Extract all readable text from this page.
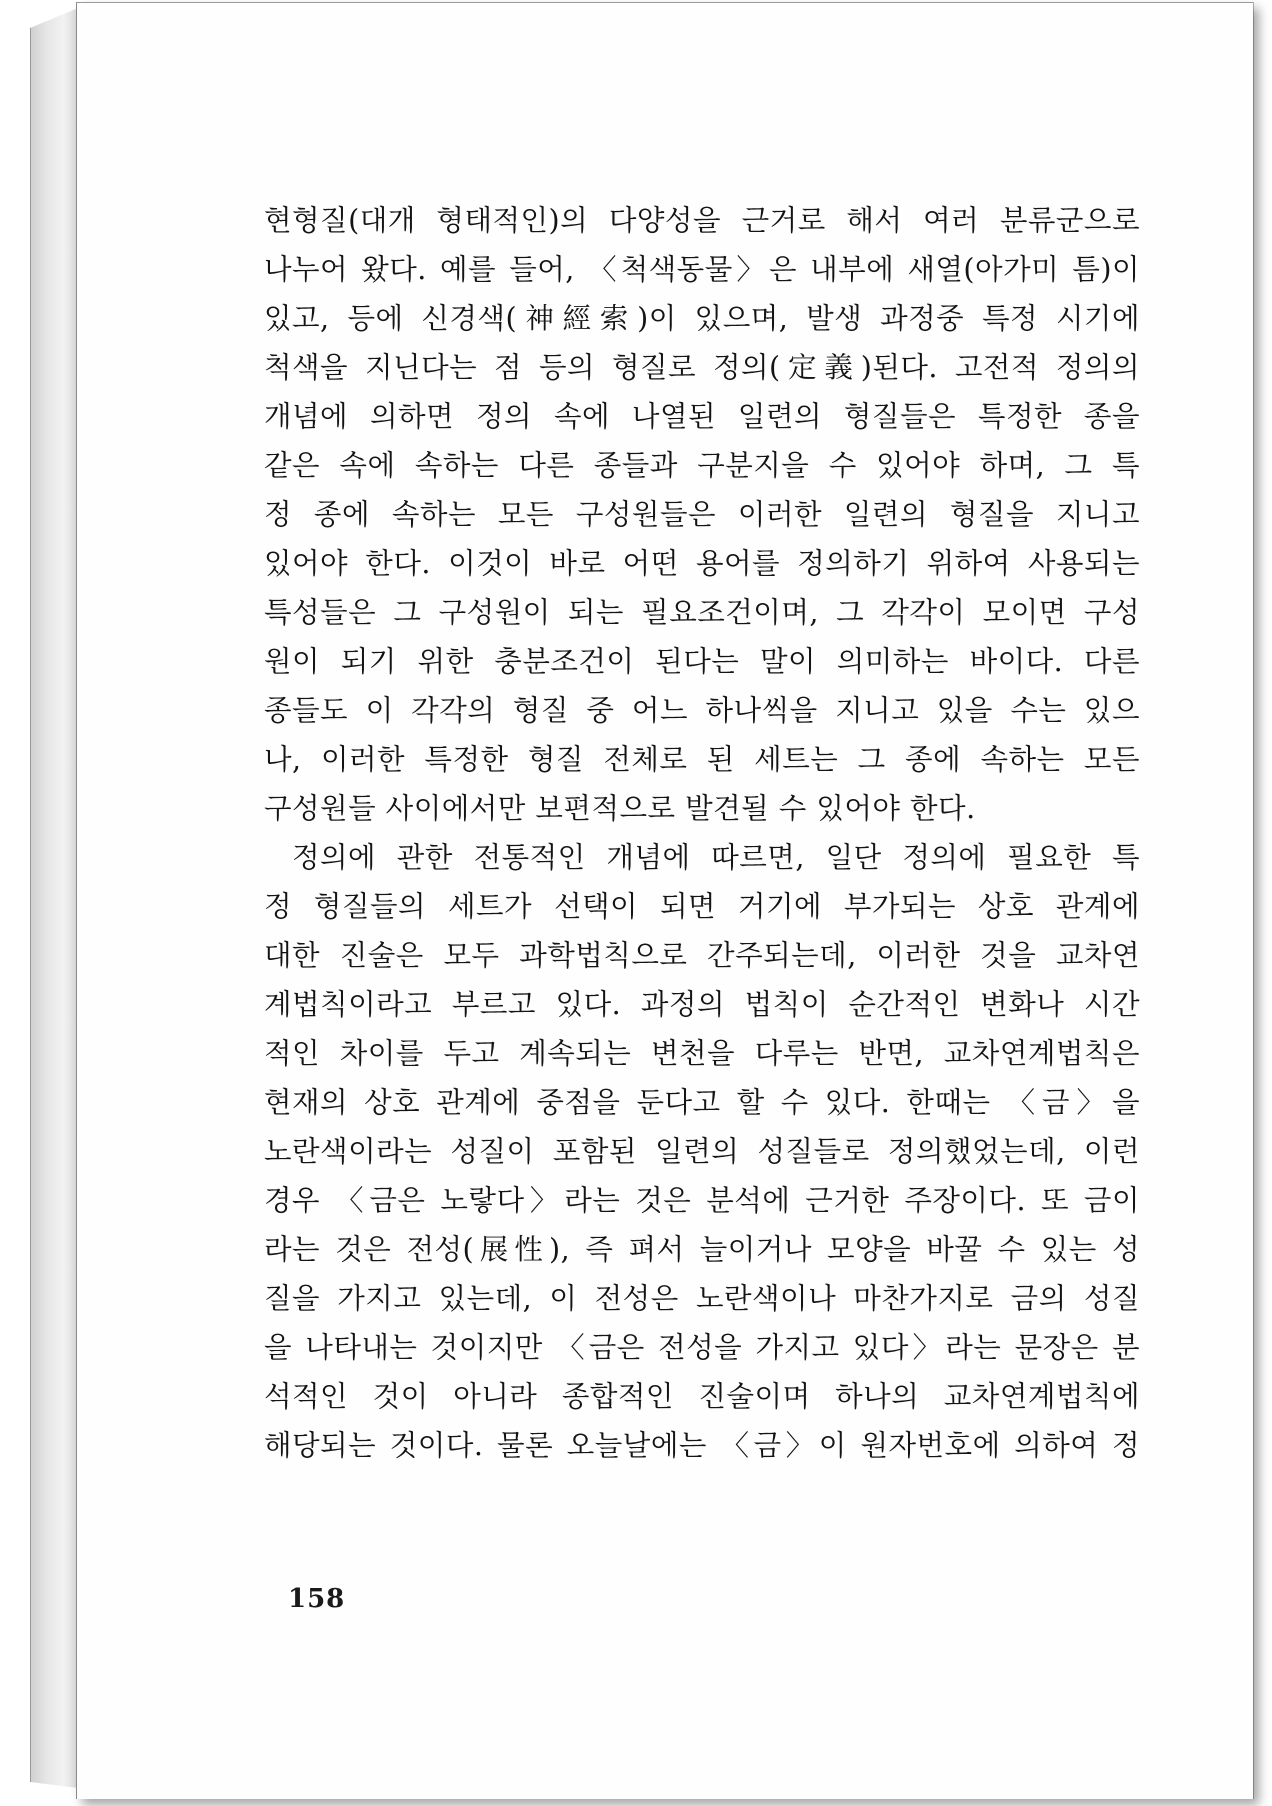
현형질(대개 형태적인)의 다양성을 근거로 해서 여러 분류군으로
나누어 왔다. 예를 들어, 〈척색동물〉은 내부에 새열(아가미 틈)이
있고, 등에 신경색(神經索)이 있으며, 발생 과정중 특정 시기에
척색을 지닌다는 점 등의 형질로 정의(定義)된다. 고전적 정의의
개념에 의하면 정의 속에 나열된 일련의 형질들은 특정한 종을
같은 속에 속하는 다른 종들과 구분지을 수 있어야 하며, 그 특
정 종에 속하는 모든 구성원들은 이러한 일련의 형질을 지니고
있어야 한다. 이것이 바로 어떤 용어를 정의하기 위하여 사용되는
특성들은 그 구성원이 되는 필요조건이며, 그 각각이 모이면 구성
원이 되기 위한 충분조건이 된다는 말이 의미하는 바이다. 다른
종들도 이 각각의 형질 중 어느 하나씩을 지니고 있을 수는 있으
나, 이러한 특정한 형질 전체로 된 세트는 그 종에 속하는 모든
구성원들 사이에서만 보편적으로 발견될 수 있어야 한다.
정의에 관한 전통적인 개념에 따르면, 일단 정의에 필요한 특
정 형질들의 세트가 선택이 되면 거기에 부가되는 상호 관계에
대한 진술은 모두 과학법칙으로 간주되는데, 이러한 것을 교차연
계법칙이라고 부르고 있다. 과정의 법칙이 순간적인 변화나 시간
적인 차이를 두고 계속되는 변천을 다루는 반면, 교차연계법칙은
현재의 상호 관계에 중점을 둔다고 할 수 있다. 한때는 〈금〉을
노란색이라는 성질이 포함된 일련의 성질들로 정의했었는데, 이런
경우 〈금은 노랗다〉라는 것은 분석에 근거한 주장이다. 또 금이
라는 것은 전성(展性), 즉 펴서 늘이거나 모양을 바꿀 수 있는 성
질을 가지고 있는데, 이 전성은 노란색이나 마찬가지로 금의 성질
을 나타내는 것이지만 〈금은 전성을 가지고 있다〉라는 문장은 분
석적인 것이 아니라 종합적인 진술이며 하나의 교차연계법칙에
해당되는 것이다. 물론 오늘날에는 〈금〉이 원자번호에 의하여 정
158
